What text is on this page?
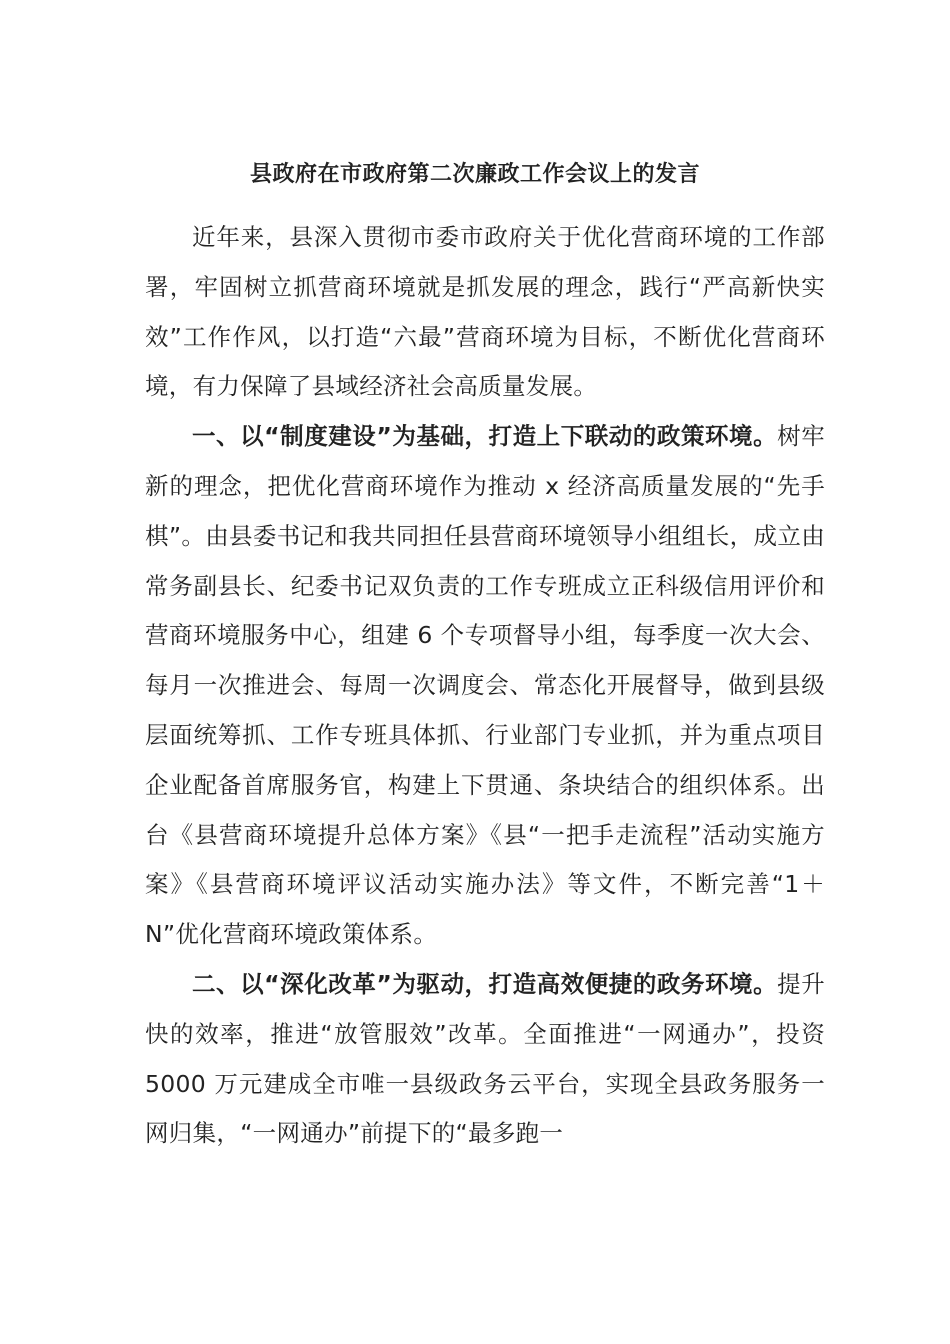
县政府在市政府第二次廉政工作会议上的发言

近年来，县深入贯彻市委市政府关于优化营商环境的工作部署，牢固树立抓营商环境就是抓发展的理念，践行“严高新快实效”工作作风，以打造“六最”营商环境为目标，不断优化营商环境，有力保障了县域经济社会高质量发展。

一、以“制度建设”为基础，打造上下联动的政策环境。树牢新的理念，把优化营商环境作为推动 x 经济高质量发展的“先手棋”。由县委书记和我共同担任县营商环境领导小组组长，成立由常务副县长、纪委书记双负责的工作专班成立正科级信用评价和营商环境服务中心，组建 6 个专项督导小组，每季度一次大会、每月一次推进会、每周一次调度会、常态化开展督导，做到县级层面统筹抓、工作专班具体抓、行业部门专业抓，并为重点项目企业配备首席服务官，构建上下贯通、条块结合的组织体系。出台《县营商环境提升总体方案》《县“一把手走流程”活动实施方案》《县营商环境评议活动实施办法》等文件，不断完善“1＋N”优化营商环境政策体系。

二、以“深化改革”为驱动，打造高效便捷的政务环境。提升快的效率，推进“放管服效”改革。全面推进“一网通办”，投资 5000 万元建成全市唯一县级政务云平台，实现全县政务服务一网归集，“一网通办”前提下的“最多跑一
